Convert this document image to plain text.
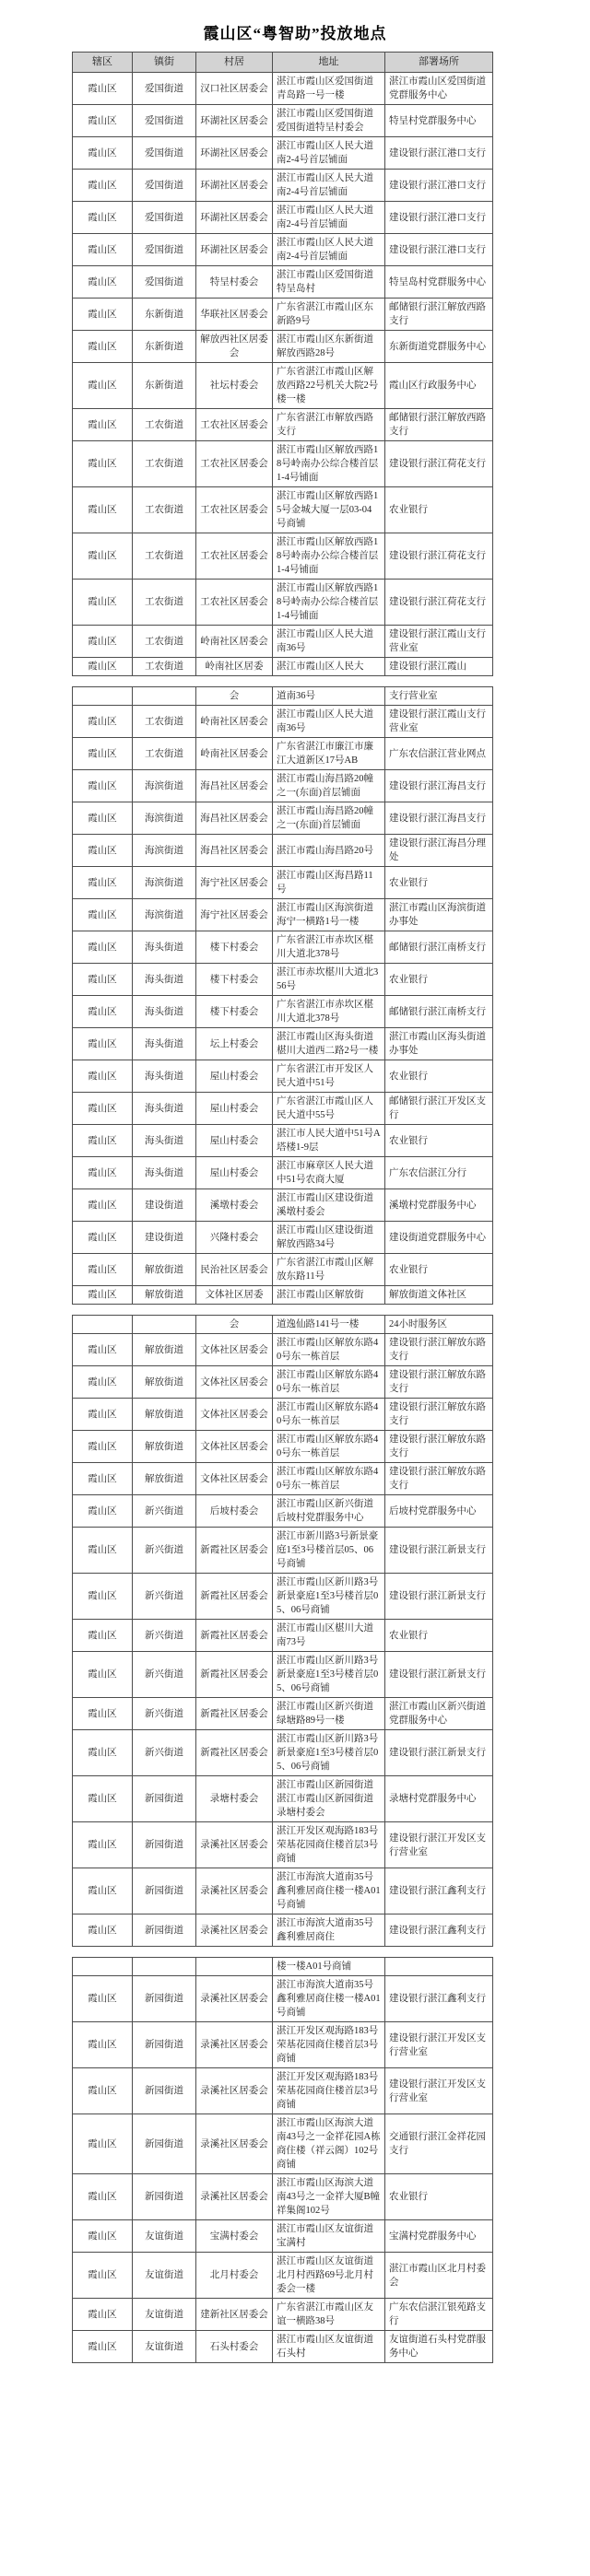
霞山区“粤智助”投放地点
辖区	镇街	村居	地址	部署场所
霞山区	爱国街道	汉口社区居委会	湛江市霞山区爱国街道青岛路一号一楼	湛江市霞山区爱国街道党群服务中心
霞山区	爱国街道	环湖社区居委会	湛江市霞山区爱国街道爱国街道特呈村委会	特呈村党群服务中心
霞山区	爱国街道	环湖社区居委会	湛江市霞山区人民大道南2-4号首层铺面	建设银行湛江港口支行
霞山区	爱国街道	环湖社区居委会	湛江市霞山区人民大道南2-4号首层铺面	建设银行湛江港口支行
霞山区	爱国街道	环湖社区居委会	湛江市霞山区人民大道南2-4号首层铺面	建设银行湛江港口支行
霞山区	爱国街道	环湖社区居委会	湛江市霞山区人民大道南2-4号首层铺面	建设银行湛江港口支行
霞山区	爱国街道	特呈村委会	湛江市霞山区爱国街道特呈岛村	特呈岛村党群服务中心
霞山区	东新街道	华联社区居委会	广东省湛江市霞山区东新路9号	邮储银行湛江解放西路支行
霞山区	东新街道	解放西社区居委会	湛江市霞山区东新街道解放西路28号	东新街道党群服务中心
霞山区	东新街道	社坛村委会	广东省湛江市霞山区解放西路22号机关大院2号楼一楼	霞山区行政服务中心
霞山区	工农街道	工农社区居委会	广东省湛江市解放西路支行	邮储银行湛江解放西路支行
霞山区	工农街道	工农社区居委会	湛江市霞山区解放西路18号岭南办公综合楼首层1-4号铺面	建设银行湛江荷花支行
霞山区	工农街道	工农社区居委会	湛江市霞山区解放西路15号金城大厦一层03-04号商铺	农业银行
霞山区	工农街道	工农社区居委会	湛江市霞山区解放西路18号岭南办公综合楼首层1-4号铺面	建设银行湛江荷花支行
霞山区	工农街道	工农社区居委会	湛江市霞山区解放西路18号岭南办公综合楼首层1-4号铺面	建设银行湛江荷花支行
霞山区	工农街道	岭南社区居委会	湛江市霞山区人民大道南36号	建设银行湛江霞山支行营业室
霞山区	工农街道	岭南社区居委	湛江市霞山区人民大	建设银行湛江霞山
		会	道南36号	支行营业室
霞山区	工农街道	岭南社区居委会	湛江市霞山区人民大道南36号	建设银行湛江霞山支行营业室
霞山区	工农街道	岭南社区居委会	广东省湛江市廉江市廉江大道新区17号AB	广东农信湛江营业网点
霞山区	海滨街道	海昌社区居委会	湛江市霞山海昌路20幢之一(东面)首层铺面	建设银行湛江海昌支行
霞山区	海滨街道	海昌社区居委会	湛江市霞山海昌路20幢之一(东面)首层铺面	建设银行湛江海昌支行
霞山区	海滨街道	海昌社区居委会	湛江市霞山海昌路20号	建设银行湛江海昌分理处
霞山区	海滨街道	海宁社区居委会	湛江市霞山区海昌路11号	农业银行
霞山区	海滨街道	海宁社区居委会	湛江市霞山区海滨街道海宁一横路1号一楼	湛江市霞山区海滨街道办事处
霞山区	海头街道	楼下村委会	广东省湛江市赤坎区椹川大道北378号	邮储银行湛江南桥支行
霞山区	海头街道	楼下村委会	湛江市赤坎椹川大道北356号	农业银行
霞山区	海头街道	楼下村委会	广东省湛江市赤坎区椹川大道北378号	邮储银行湛江南桥支行
霞山区	海头街道	坛上村委会	湛江市霞山区海头街道椹川大道西二路2号一楼	湛江市霞山区海头街道办事处
霞山区	海头街道	屋山村委会	广东省湛江市开发区人民大道中51号	农业银行
霞山区	海头街道	屋山村委会	广东省湛江市霞山区人民大道中55号	邮储银行湛江开发区支行
霞山区	海头街道	屋山村委会	湛江市人民大道中51号A塔楼1-9层	农业银行
霞山区	海头街道	屋山村委会	湛江市麻章区人民大道中51号农商大厦	广东农信湛江分行
霞山区	建设街道	溪墩村委会	湛江市霞山区建设街道溪墩村委会	溪墩村党群服务中心
霞山区	建设街道	兴隆村委会	湛江市霞山区建设街道解放西路34号	建设街道党群服务中心
霞山区	解放街道	民治社区居委会	广东省湛江市霞山区解放东路11号	农业银行
霞山区	解放街道	文体社区居委	湛江市霞山区解放街	解放街道文体社区
		会	道逸仙路141号一楼	24小时服务区
霞山区	解放街道	文体社区居委会	湛江市霞山区解放东路40号东一栋首层	建设银行湛江解放东路支行
霞山区	解放街道	文体社区居委会	湛江市霞山区解放东路40号东一栋首层	建设银行湛江解放东路支行
霞山区	解放街道	文体社区居委会	湛江市霞山区解放东路40号东一栋首层	建设银行湛江解放东路支行
霞山区	解放街道	文体社区居委会	湛江市霞山区解放东路40号东一栋首层	建设银行湛江解放东路支行
霞山区	解放街道	文体社区居委会	湛江市霞山区解放东路40号东一栋首层	建设银行湛江解放东路支行
霞山区	新兴街道	后坡村委会	湛江市霞山区新兴街道后坡村党群服务中心	后坡村党群服务中心
霞山区	新兴街道	新霞社区居委会	湛江市新川路3号新景豪庭1至3号楼首层05、06号商铺	建设银行湛江新景支行
霞山区	新兴街道	新霞社区居委会	湛江市霞山区新川路3号新景豪庭1至3号楼首层05、06号商铺	建设银行湛江新景支行
霞山区	新兴街道	新霞社区居委会	湛江市霞山区椹川大道南73号	农业银行
霞山区	新兴街道	新霞社区居委会	湛江市霞山区新川路3号新景豪庭1至3号楼首层05、06号商铺	建设银行湛江新景支行
霞山区	新兴街道	新霞社区居委会	湛江市霞山区新兴街道绿塘路89号一楼	湛江市霞山区新兴街道党群服务中心
霞山区	新兴街道	新霞社区居委会	湛江市霞山区新川路3号新景豪庭1至3号楼首层05、06号商铺	建设银行湛江新景支行
霞山区	新园街道	录塘村委会	湛江市霞山区新园街道湛江市霞山区新园街道录塘村委会	录塘村党群服务中心
霞山区	新园街道	录溪社区居委会	湛江开发区观海路183号荣基花园商住楼首层3号商铺	建设银行湛江开发区支行营业室
霞山区	新园街道	录溪社区居委会	湛江市海滨大道南35号鑫利雅居商住楼一楼A01号商铺	建设银行湛江鑫利支行
霞山区	新园街道	录溪社区居委会	湛江市海滨大道南35号鑫利雅居商住	建设银行湛江鑫利支行
			楼一楼A01号商铺	
霞山区	新园街道	录溪社区居委会	湛江市海滨大道南35号鑫利雅居商住楼一楼A01号商铺	建设银行湛江鑫利支行
霞山区	新园街道	录溪社区居委会	湛江开发区观海路183号荣基花园商住楼首层3号商铺	建设银行湛江开发区支行营业室
霞山区	新园街道	录溪社区居委会	湛江开发区观海路183号荣基花园商住楼首层3号商铺	建设银行湛江开发区支行营业室
霞山区	新园街道	录溪社区居委会	湛江市霞山区海滨大道南43号之一金祥花园A栋商住楼（祥云阁）102号商铺	交通银行湛江金祥花园支行
霞山区	新园街道	录溪社区居委会	湛江市霞山区海滨大道南43号之一金祥大厦B幢祥集阁102号	农业银行
霞山区	友谊街道	宝满村委会	湛江市霞山区友谊街道宝满村	宝满村党群服务中心
霞山区	友谊街道	北月村委会	湛江市霞山区友谊街道北月村西路69号北月村委会一楼	湛江市霞山区北月村委会
霞山区	友谊街道	建新社区居委会	广东省湛江市霞山区友谊一横路38号	广东农信湛江银苑路支行
霞山区	友谊街道	石头村委会	湛江市霞山区友谊街道石头村	友谊街道石头村党群服务中心
